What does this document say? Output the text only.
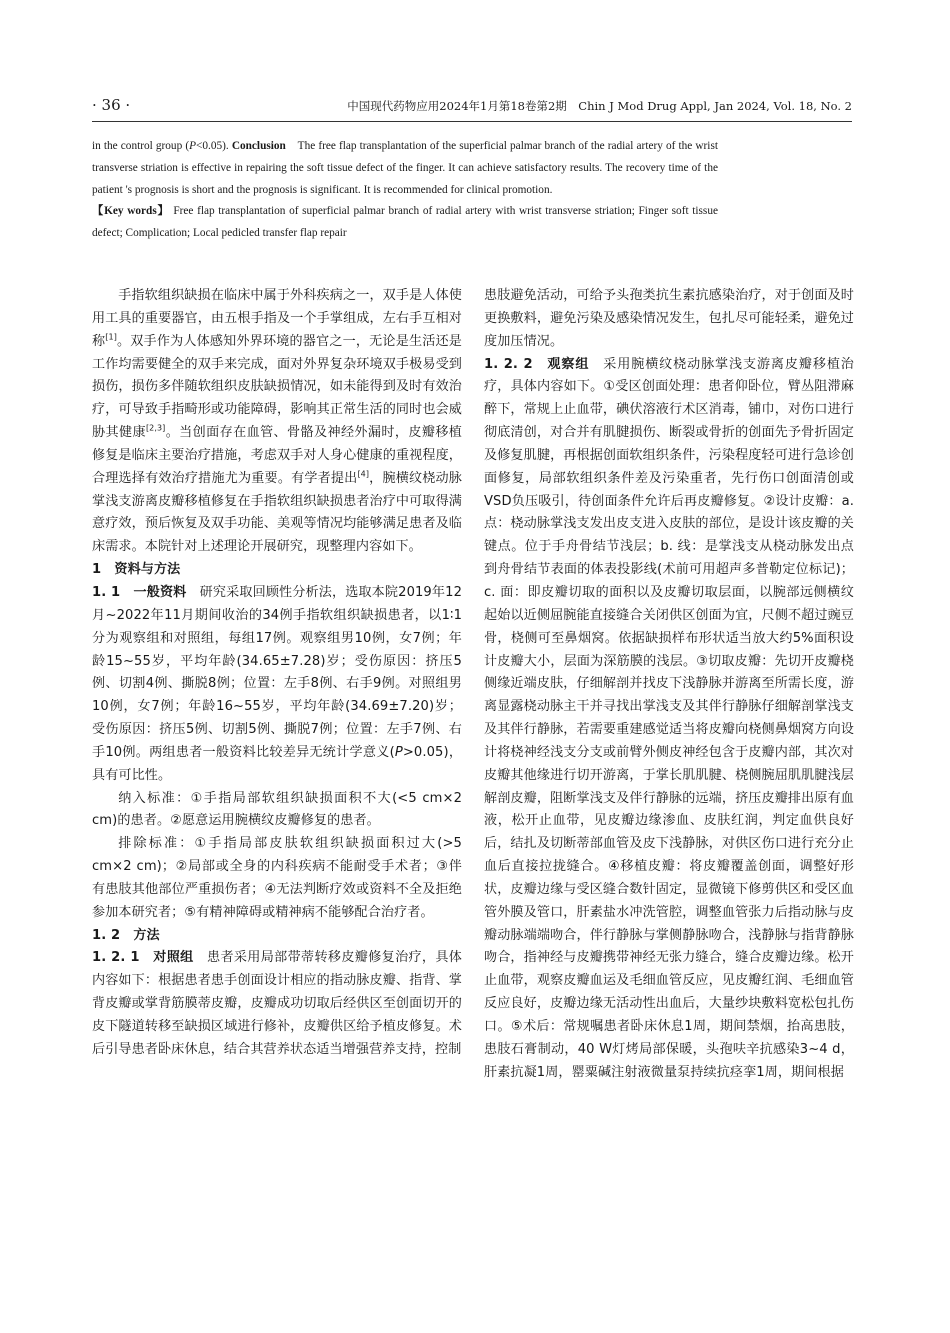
· 36 ·	中国现代药物应用2024年1月第18卷第2期　Chin J Mod Drug Appl, Jan 2024, Vol. 18, No. 2

in the control group (P<0.05). Conclusion　The free flap transplantation of the superficial palmar branch of the radial artery of the wrist transverse striation is effective in repairing the soft tissue defect of the finger. It can achieve satisfactory results. The recovery time of the patient 's prognosis is short and the prognosis is significant. It is recommended for clinical promotion.

【Key words】 Free flap transplantation of superficial palmar branch of radial artery with wrist transverse striation; Finger soft tissue defect; Complication; Local pedicled transfer flap repair

手指软组织缺损在临床中属于外科疾病之一，双手是人体使用工具的重要器官，由五根手指及一个手掌组成，左右手互相对称[1]。双手作为人体感知外界环境的器官之一，无论是生活还是工作均需要健全的双手来完成，面对外界复杂环境双手极易受到损伤，损伤多伴随软组织皮肤缺损情况，如未能得到及时有效治疗，可导致手指畸形或功能障碍，影响其正常生活的同时也会威胁其健康[2,3]。当创面存在血管、骨骼及神经外漏时，皮瓣移植修复是临床主要治疗措施，考虑双手对人身心健康的重视程度，合理选择有效治疗措施尤为重要。有学者提出[4]，腕横纹桡动脉掌浅支游离皮瓣移植修复在手指软组织缺损患者治疗中可取得满意疗效，预后恢复及双手功能、美观等情况均能够满足患者及临床需求。本院针对上述理论开展研究，现整理内容如下。

1　资料与方法

1. 1　 一般资料　研究采取回顾性分析法，选取本院2019年12月~2022年11月期间收治的34例手指软组织缺损患者，以1∶1分为观察组和对照组，每组17例。观察组男10例，女7例；年龄15~55岁，平均年龄(34.65±7.28)岁；受伤原因：挤压5例、切割4例、撕脱8例；位置：左手8例、右手9例。对照组男10例，女7例；年龄16~55岁，平均年龄(34.69±7.20)岁；受伤原因：挤压5例、切割5例、撕脱7例；位置：左手7例、右手10例。两组患者一般资料比较差异无统计学意义(P>0.05)，具有可比性。

纳入标准：①手指局部软组织缺损面积不大(<5 cm×2 cm)的患者。②愿意运用腕横纹皮瓣修复的患者。

排除标准：①手指局部皮肤软组织缺损面积过大(>5 cm×2 cm)；②局部或全身的内科疾病不能耐受手术者；③伴有患肢其他部位严重损伤者；④无法判断疗效或资料不全及拒绝参加本研究者；⑤有精神障碍或精神病不能够配合治疗者。

1. 2　方法

1. 2. 1　 对照组　患者采用局部带蒂转移皮瓣修复治疗，具体内容如下：根据患者患手创面设计相应的指动脉皮瓣、指背、掌背皮瓣或掌背筋膜蒂皮瓣，皮瓣成功切取后经供区至创面切开的皮下隧道转移至缺损区域进行修补，皮瓣供区给予植皮修复。术后引导患者卧床休息，结合其营养状态适当增强营养支持，控制

患肢避免活动，可给予头孢类抗生素抗感染治疗，对于创面及时更换敷料，避免污染及感染情况发生，包扎尽可能轻柔，避免过度加压情况。

1. 2. 2　 观察组　采用腕横纹桡动脉掌浅支游离皮瓣移植治疗，具体内容如下。①受区创面处理：患者仰卧位，臂丛阻滞麻醉下，常规上止血带，碘伏溶液行术区消毒，铺巾，对伤口进行彻底清创，对合并有肌腱损伤、断裂或骨折的创面先予骨折固定及修复肌腱，再根据创面软组织条件，污染程度轻可进行急诊创面修复，局部软组织条件差及污染重者，先行伤口创面清创或VSD负压吸引，待创面条件允许后再皮瓣修复。②设计皮瓣：a. 点：桡动脉掌浅支发出皮支进入皮肤的部位，是设计该皮瓣的关键点。位于手舟骨结节浅层；b. 线：是掌浅支从桡动脉发出点到舟骨结节表面的体表投影线(术前可用超声多普勒定位标记)；c. 面：即皮瓣切取的面积以及皮瓣切取层面，以腕部远侧横纹起始以近侧屈腕能直接缝合关闭供区创面为宜，尺侧不超过豌豆骨，桡侧可至鼻烟窝。依据缺损样布形状适当放大约5%面积设计皮瓣大小，层面为深筋膜的浅层。③切取皮瓣：先切开皮瓣桡侧缘近端皮肤，仔细解剖并找皮下浅静脉并游离至所需长度，游离显露桡动脉主干并寻找出掌浅支及其伴行静脉仔细解剖掌浅支及其伴行静脉，若需要重建感觉适当将皮瓣向桡侧鼻烟窝方向设计将桡神经浅支分支或前臂外侧皮神经包含于皮瓣内部，其次对皮瓣其他缘进行切开游离，于掌长肌肌腱、桡侧腕屈肌肌腱浅层解剖皮瓣，阻断掌浅支及伴行静脉的远端，挤压皮瓣排出原有血液，松开止血带，见皮瓣边缘渗血、皮肤红润，判定血供良好后，结扎及切断蒂部血管及皮下浅静脉，对供区伤口进行充分止血后直接拉拢缝合。④移植皮瓣：将皮瓣覆盖创面，调整好形状，皮瓣边缘与受区缝合数针固定，显微镜下修剪供区和受区血管外膜及管口，肝素盐水冲洗管腔，调整血管张力后指动脉与皮瓣动脉端端吻合，伴行静脉与掌侧静脉吻合，浅静脉与指背静脉吻合，指神经与皮瓣携带神经无张力缝合，缝合皮瓣边缘。松开止血带，观察皮瓣血运及毛细血管反应，见皮瓣红润、毛细血管反应良好，皮瓣边缘无活动性出血后，大量纱块敷料宽松包扎伤口。⑤术后：常规嘱患者卧床休息1周，期间禁烟，抬高患肢，患肢石膏制动，40 W灯烤局部保暖，头孢呋辛抗感染3~4 d，肝素抗凝1周，罂粟碱注射液微量泵持续抗痉挛1周，期间根据
